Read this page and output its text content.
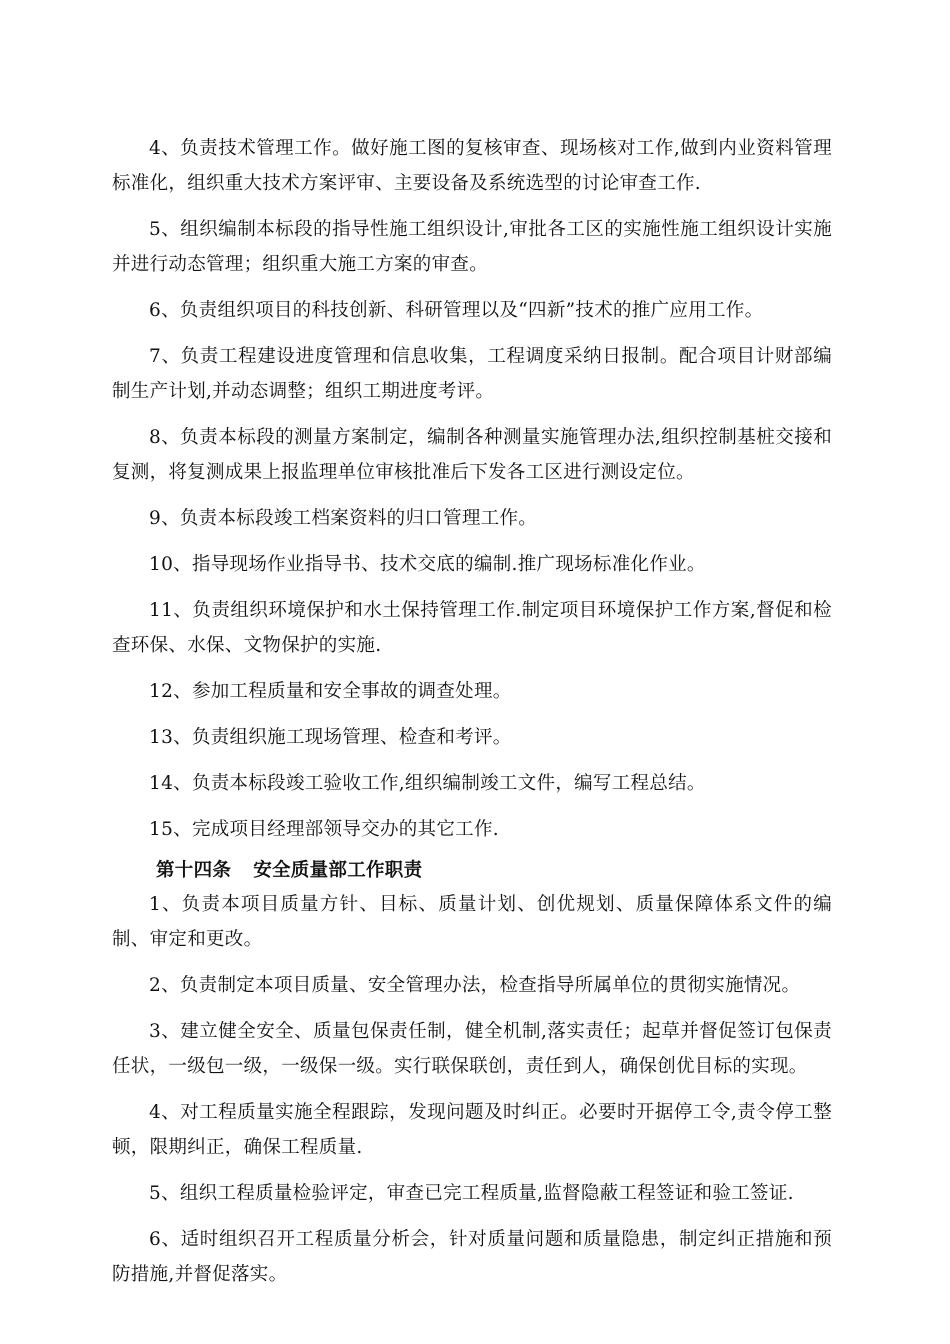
4、负责技术管理工作。做好施工图的复核审查、现场核对工作,做到内业资料管理标准化，组织重大技术方案评审、主要设备及系统选型的讨论审查工作.

5、组织编制本标段的指导性施工组织设计,审批各工区的实施性施工组织设计实施并进行动态管理；组织重大施工方案的审查。

6、负责组织项目的科技创新、科研管理以及“四新”技术的推广应用工作。

7、负责工程建设进度管理和信息收集，工程调度采纳日报制。配合项目计财部编制生产计划,并动态调整；组织工期进度考评。

8、负责本标段的测量方案制定，编制各种测量实施管理办法,组织控制基桩交接和复测，将复测成果上报监理单位审核批准后下发各工区进行测设定位。

9、负责本标段竣工档案资料的归口管理工作。

10、指导现场作业指导书、技术交底的编制.推广现场标准化作业。

11、负责组织环境保护和水土保持管理工作.制定项目环境保护工作方案,督促和检查环保、水保、文物保护的实施.

12、参加工程质量和安全事故的调查处理。

13、负责组织施工现场管理、检查和考评。

14、负责本标段竣工验收工作,组织编制竣工文件，编写工程总结。

15、完成项目经理部领导交办的其它工作.

第十四条 安全质量部工作职责

1、负责本项目质量方针、目标、质量计划、创优规划、质量保障体系文件的编制、审定和更改。

2、负责制定本项目质量、安全管理办法，检查指导所属单位的贯彻实施情况。

3、建立健全安全、质量包保责任制，健全机制,落实责任；起草并督促签订包保责任状，一级包一级，一级保一级。实行联保联创，责任到人，确保创优目标的实现。

4、对工程质量实施全程跟踪，发现问题及时纠正。必要时开据停工令,责令停工整顿，限期纠正，确保工程质量.

5、组织工程质量检验评定，审查已完工程质量,监督隐蔽工程签证和验工签证.

6、适时组织召开工程质量分析会，针对质量问题和质量隐患，制定纠正措施和预防措施,并督促落实。
